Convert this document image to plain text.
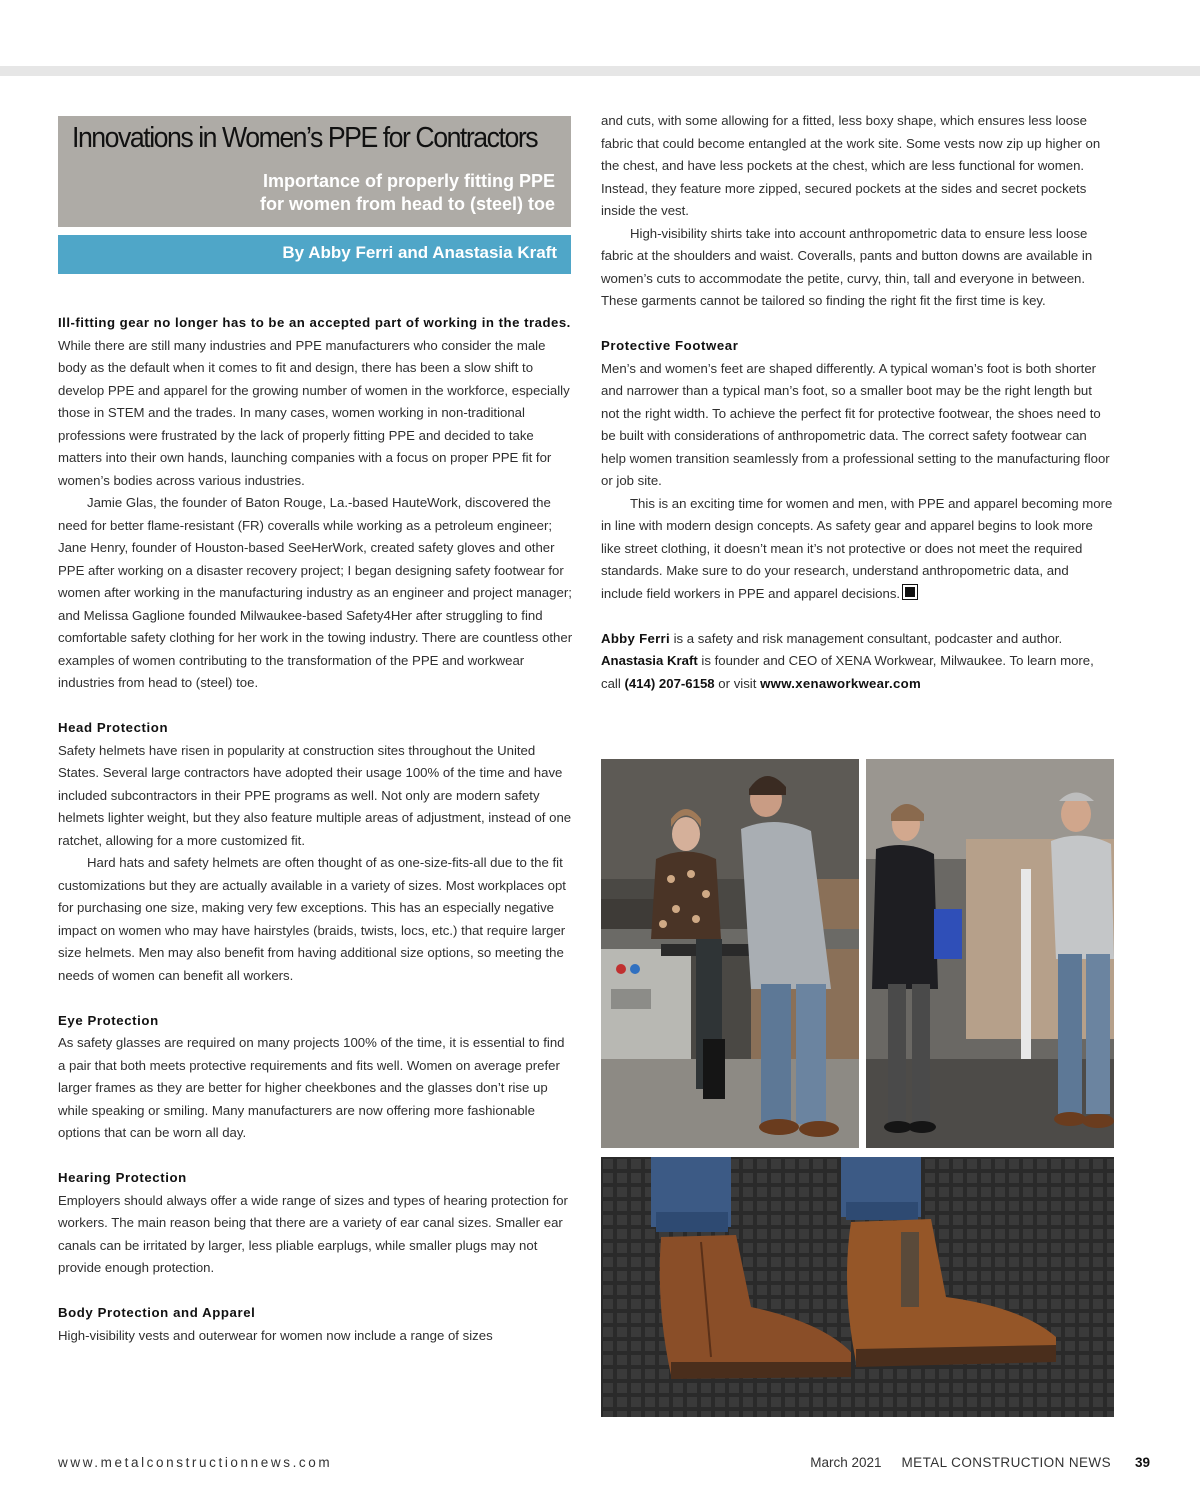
Innovations in Women’s PPE for Contractors

Importance of properly fitting PPE
for women from head to (steel) toe

By Abby Ferri and Anastasia Kraft

Ill-fitting gear no longer has to be an accepted part of working in the trades. While there are still many industries and PPE manufacturers who consider the male body as the default when it comes to fit and design, there has been a slow shift to develop PPE and apparel for the growing number of women in the workforce, especially those in STEM and the trades. In many cases, women working in non-traditional professions were frustrated by the lack of properly fitting PPE and decided to take matters into their own hands, launching companies with a focus on proper PPE fit for women’s bodies across various industries.

Jamie Glas, the founder of Baton Rouge, La.-based HauteWork, discovered the need for better flame-resistant (FR) coveralls while working as a petroleum engineer; Jane Henry, founder of Houston-based SeeHerWork, created safety gloves and other PPE after working on a disaster recovery project; I began designing safety footwear for women after working in the manufacturing industry as an engineer and project manager; and Melissa Gaglione founded Milwaukee-based Safety4Her after struggling to find comfortable safety clothing for her work in the towing industry. There are countless other examples of women contributing to the transformation of the PPE and workwear industries from head to (steel) toe.

Head Protection

Safety helmets have risen in popularity at construction sites throughout the United States. Several large contractors have adopted their usage 100% of the time and have included subcontractors in their PPE programs as well. Not only are modern safety helmets lighter weight, but they also feature multiple areas of adjustment, instead of one ratchet, allowing for a more customized fit.

Hard hats and safety helmets are often thought of as one-size-fits-all due to the fit customizations but they are actually available in a variety of sizes. Most workplaces opt for purchasing one size, making very few exceptions. This has an especially negative impact on women who may have hairstyles (braids, twists, locs, etc.) that require larger size helmets. Men may also benefit from having additional size options, so meeting the needs of women can benefit all workers.

Eye Protection

As safety glasses are required on many projects 100% of the time, it is essential to find a pair that both meets protective requirements and fits well. Women on average prefer larger frames as they are better for higher cheekbones and the glasses don’t rise up while speaking or smiling. Many manufacturers are now offering more fashionable options that can be worn all day.

Hearing Protection

Employers should always offer a wide range of sizes and types of hearing protection for workers. The main reason being that there are a variety of ear canal sizes. Smaller ear canals can be irritated by larger, less pliable earplugs, while smaller plugs may not provide enough protection.

Body Protection and Apparel

High-visibility vests and outerwear for women now include a range of sizes

and cuts, with some allowing for a fitted, less boxy shape, which ensures less loose fabric that could become entangled at the work site. Some vests now zip up higher on the chest, and have less pockets at the chest, which are less functional for women. Instead, they feature more zipped, secured pockets at the sides and secret pockets inside the vest.

High-visibility shirts take into account anthropometric data to ensure less loose fabric at the shoulders and waist. Coveralls, pants and button downs are available in women’s cuts to accommodate the petite, curvy, thin, tall and everyone in between. These garments cannot be tailored so finding the right fit the first time is key.

Protective Footwear

Men’s and women’s feet are shaped differently. A typical woman’s foot is both shorter and narrower than a typical man’s foot, so a smaller boot may be the right length but not the right width. To achieve the perfect fit for protective footwear, the shoes need to be built with considerations of anthropometric data. The correct safety footwear can help women transition seamlessly from a professional setting to the manufacturing floor or job site.

This is an exciting time for women and men, with PPE and apparel becoming more in line with modern design concepts. As safety gear and apparel begins to look more like street clothing, it doesn’t mean it’s not protective or does not meet the required standards. Make sure to do your research, understand anthropometric data, and include field workers in PPE and apparel decisions.

Abby Ferri is a safety and risk management consultant, podcaster and author.

Anastasia Kraft is founder and CEO of XENA Workwear, Milwaukee. To learn more, call (414) 207-6158 or visit www.xenaworkwear.com

www.metalconstructionnews.com	March 2021 METAL CONSTRUCTION NEWS 39
